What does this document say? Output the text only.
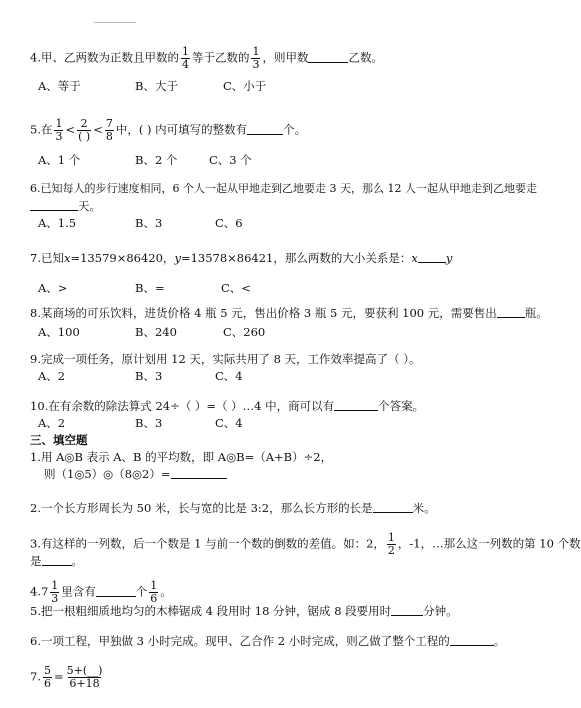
4.甲、乙两数为正数且甲数的 $\frac{1}{4}$ 等于乙数的 $\frac{1}{3}$ ，则甲数	乙数。
A、等于	B、大于	C、小于
5.在 $\frac{1}{3} < \frac{2}{( )} < \frac{7}{8}$ 中，( ) 内可填写的整数有	个。
A、1 个	B、2 个	C、3 个
6.已知每人的步行速度相同，6 个人一起从甲地走到乙地要走 3 天，那么 12 人一起从甲地走到乙地要走
天。
A、1.5	B、3	C、6
7.已知x=13579×86420，y=13578×86421，那么两数的大小关系是：x y
A、>	B、=	C、<
8.某商场的可乐饮料，进货价格 4 瓶 5 元，售出价格 3 瓶 5 元，要获利 100 元，需要售出 瓶。
A、100	B、240	C、260
9.完成一项任务，原计划用 12 天，实际共用了 8 天，工作效率提高了（ ）。
A、2	B、3	C、4
10.在有余数的除法算式 24÷（ ）=（ ）…4 中，商可以有	个答案。
A、2	B、3	C、4
三、填空题
1.用 A◎B 表示 A、B 的平均数，即 A◎B=（A+B）÷2，
则（1◎5）◎（8◎2）=
2.一个长方形周长为 50 米，长与宽的比是 3:2，那么长方形的长是	米。
3.有这样的一列数，后一个数是 1 与前一个数的倒数的差值。如：2， $\frac{1}{2}$ ，-1，…那么这一列数的第 10 个数
是	。
$4.7 \frac{1}{3}$ 里含有	个 $\frac{1}{6}$ 。
5.把一根粗细质地均匀的木棒锯成 4 段用时 18 分钟，锯成 8 段要用时	分钟。
6.一项工程，甲独做 3 小时完成。现甲、乙合作 2 小时完成，则乙做了整个工程的	。
7. $\frac{5}{6} = \frac{5+(\_\_)}{6+18}$
